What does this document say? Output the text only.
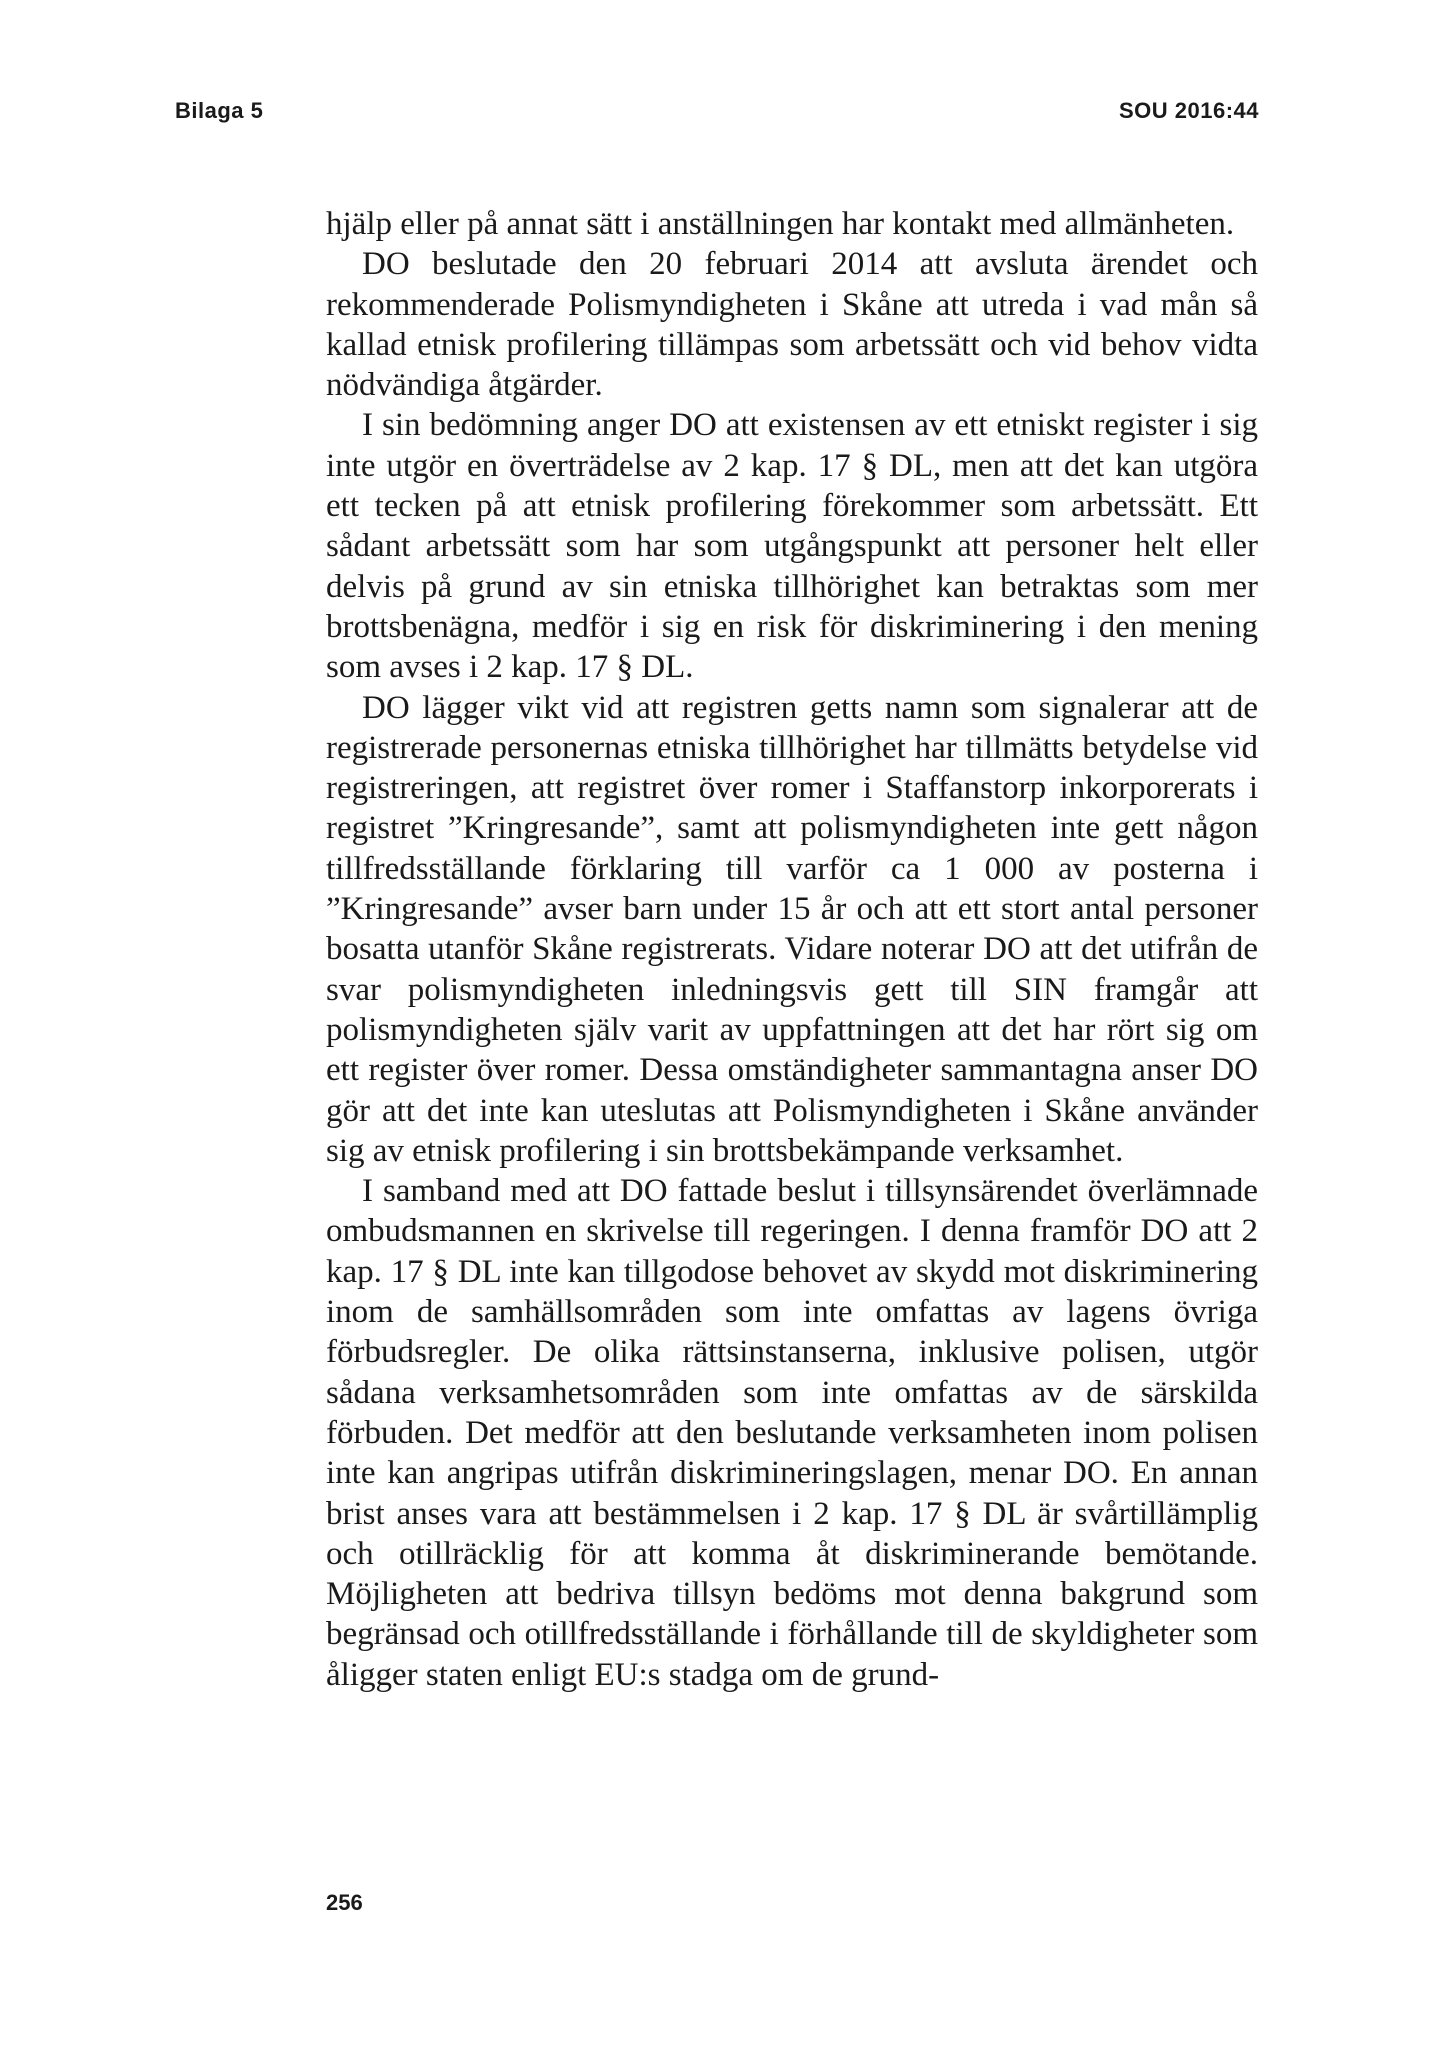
Bilaga 5	SOU 2016:44

hjälp eller på annat sätt i anställningen har kontakt med allmänheten.

DO beslutade den 20 februari 2014 att avsluta ärendet och rekommenderade Polismyndigheten i Skåne att utreda i vad mån så kallad etnisk profilering tillämpas som arbetssätt och vid behov vidta nödvändiga åtgärder.

I sin bedömning anger DO att existensen av ett etniskt register i sig inte utgör en överträdelse av 2 kap. 17 § DL, men att det kan utgöra ett tecken på att etnisk profilering förekommer som arbetssätt. Ett sådant arbetssätt som har som utgångspunkt att personer helt eller delvis på grund av sin etniska tillhörighet kan betraktas som mer brottsbenägna, medför i sig en risk för diskriminering i den mening som avses i 2 kap. 17 § DL.

DO lägger vikt vid att registren getts namn som signalerar att de registrerade personernas etniska tillhörighet har tillmätts betydelse vid registreringen, att registret över romer i Staffanstorp inkorporerats i registret ”Kringresande”, samt att polismyndigheten inte gett någon tillfredsställande förklaring till varför ca 1 000 av posterna i ”Kringresande” avser barn under 15 år och att ett stort antal personer bosatta utanför Skåne registrerats. Vidare noterar DO att det utifrån de svar polismyndigheten inledningsvis gett till SIN framgår att polismyndigheten själv varit av uppfattningen att det har rört sig om ett register över romer. Dessa omständigheter sammantagna anser DO gör att det inte kan uteslutas att Polismyndigheten i Skåne använder sig av etnisk profilering i sin brottsbekämpande verksamhet.

I samband med att DO fattade beslut i tillsynsärendet överlämnade ombudsmannen en skrivelse till regeringen. I denna framför DO att 2 kap. 17 § DL inte kan tillgodose behovet av skydd mot diskriminering inom de samhällsområden som inte omfattas av lagens övriga förbudsregler. De olika rättsinstanserna, inklusive polisen, utgör sådana verksamhetsområden som inte omfattas av de särskilda förbuden. Det medför att den beslutande verksamheten inom polisen inte kan angripas utifrån diskrimineringslagen, menar DO. En annan brist anses vara att bestämmelsen i 2 kap. 17 § DL är svårtillämplig och otillräcklig för att komma åt diskriminerande bemötande. Möjligheten att bedriva tillsyn bedöms mot denna bakgrund som begränsad och otillfredsställande i förhållande till de skyldigheter som åligger staten enligt EU:s stadga om de grund-

256
